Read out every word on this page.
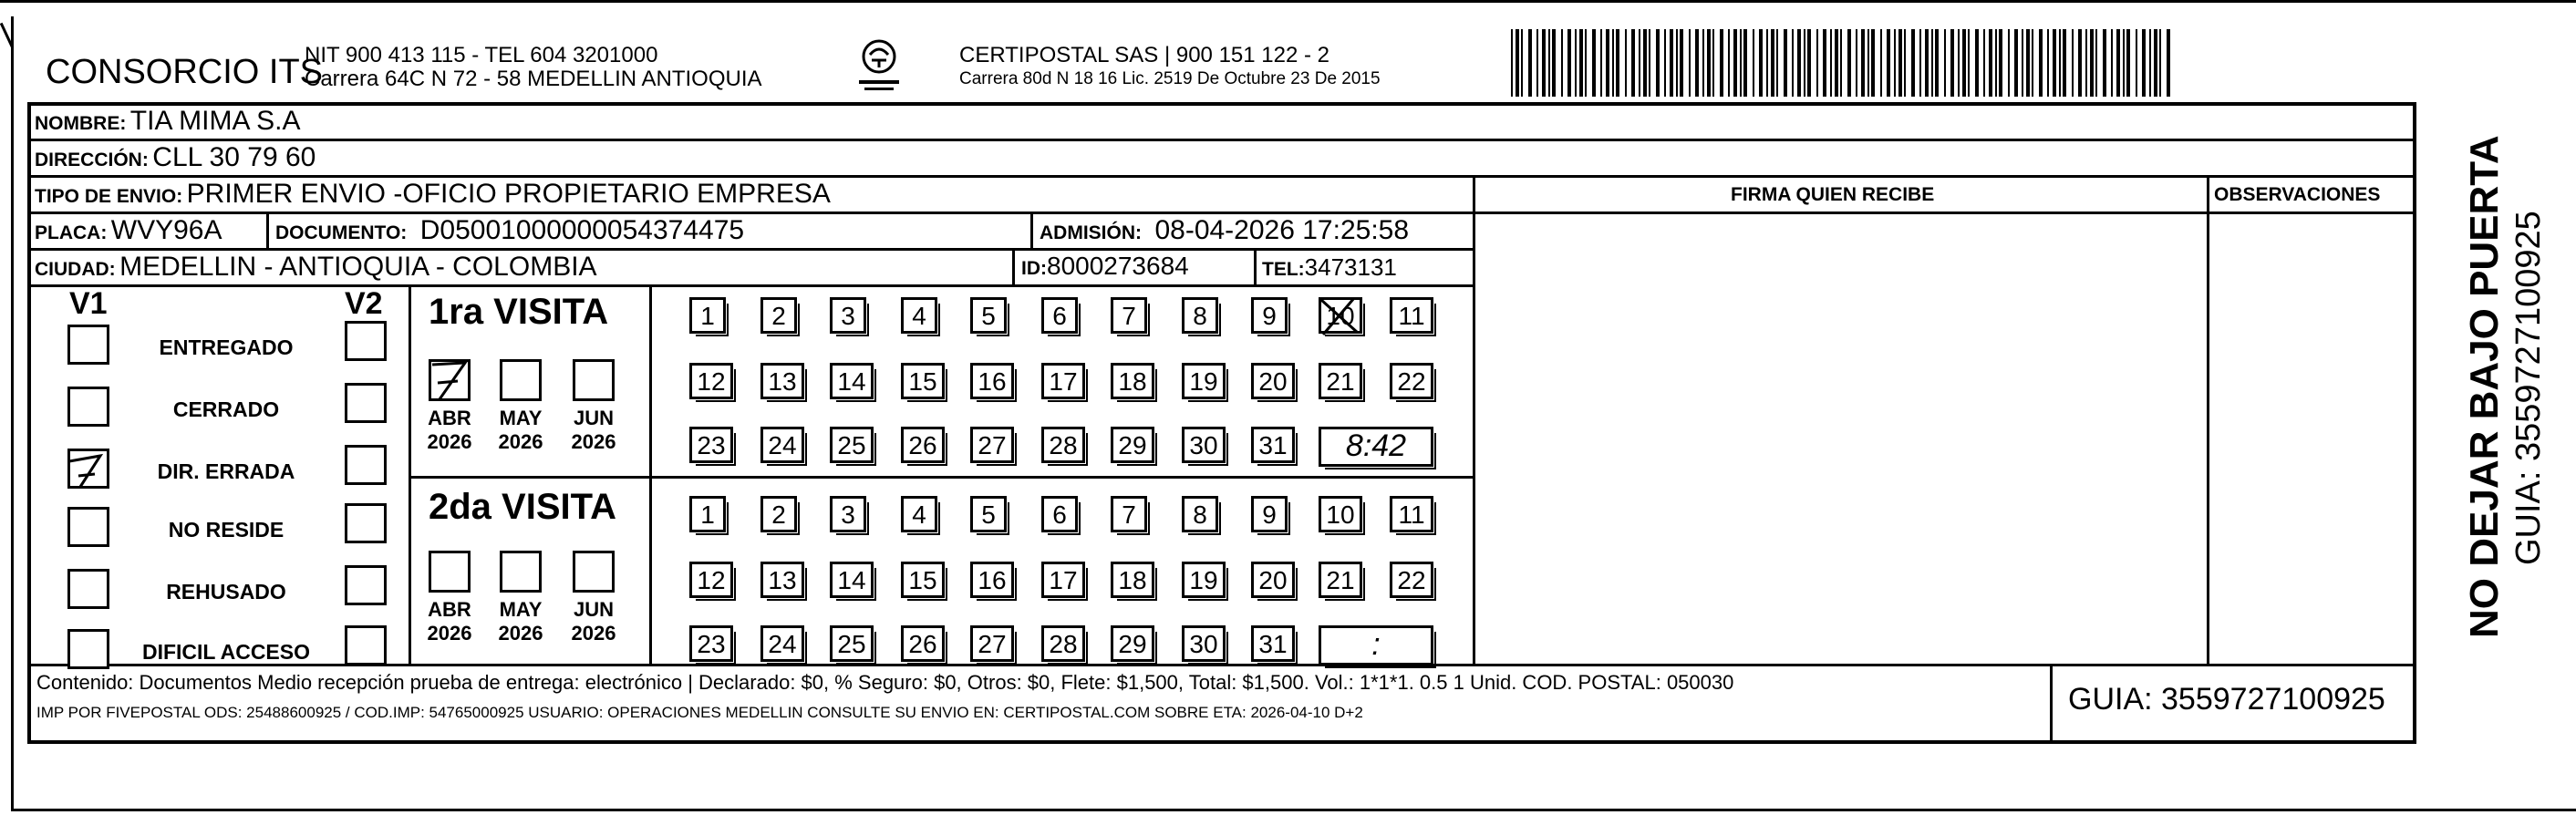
CONSORCIO ITS
NIT 900 413 115 - TEL 604 3201000
Carrera 64C N 72 - 58 MEDELLIN ANTIOQUIA
CERTIPOSTAL SAS | 900 151 122 - 2
Carrera 80d N 18 16 Lic. 2519 De Octubre 23 De 2015
NOMBRE: TIA MIMA S.A
DIRECCIÓN: CLL 30 79 60
TIPO DE ENVIO: PRIMER ENVIO -OFICIO PROPIETARIO EMPRESA	FIRMA QUIEN RECIBE	OBSERVACIONES
PLACA: WVY96A	DOCUMENTO: D05001000000054374475	ADMISIÓN: 08-04-2026 17:25:58
CIUDAD: MEDELLIN - ANTIOQUIA - COLOMBIA	ID:8000273684	TEL:3473131
V1	V2
ENTREGADO
CERRADO
DIR. ERRADA
NO RESIDE
REHUSADO
DIFICIL ACCESO
1ra VISITA
2da VISITA
ABR
2026
MAY
2026
JUN
2026
ABR
2026
MAY
2026
JUN
2026
1	2	3	4	5	6	7	8	9	10	11
12	13	14	15	16	17	18	19	20	21	22
23	24	25	26	27	28	29	30	31	8:42
1	2	3	4	5	6	7	8	9	10	11
12	13	14	15	16	17	18	19	20	21	22
23	24	25	26	27	28	29	30	31	:
Contenido: Documentos Medio recepción prueba de entrega: electrónico | Declarado: $0, % Seguro: $0, Otros: $0, Flete: $1,500, Total: $1,500. Vol.: 1*1*1. 0.5 1 Unid. COD. POSTAL: 050030
IMP POR FIVEPOSTAL ODS: 25488600925 / COD.IMP: 54765000925 USUARIO: OPERACIONES MEDELLIN CONSULTE SU ENVIO EN: CERTIPOSTAL.COM SOBRE ETA: 2026-04-10 D+2	GUIA: 3559727100925
NO DEJAR BAJO PUERTA GUIA: 3559727100925
